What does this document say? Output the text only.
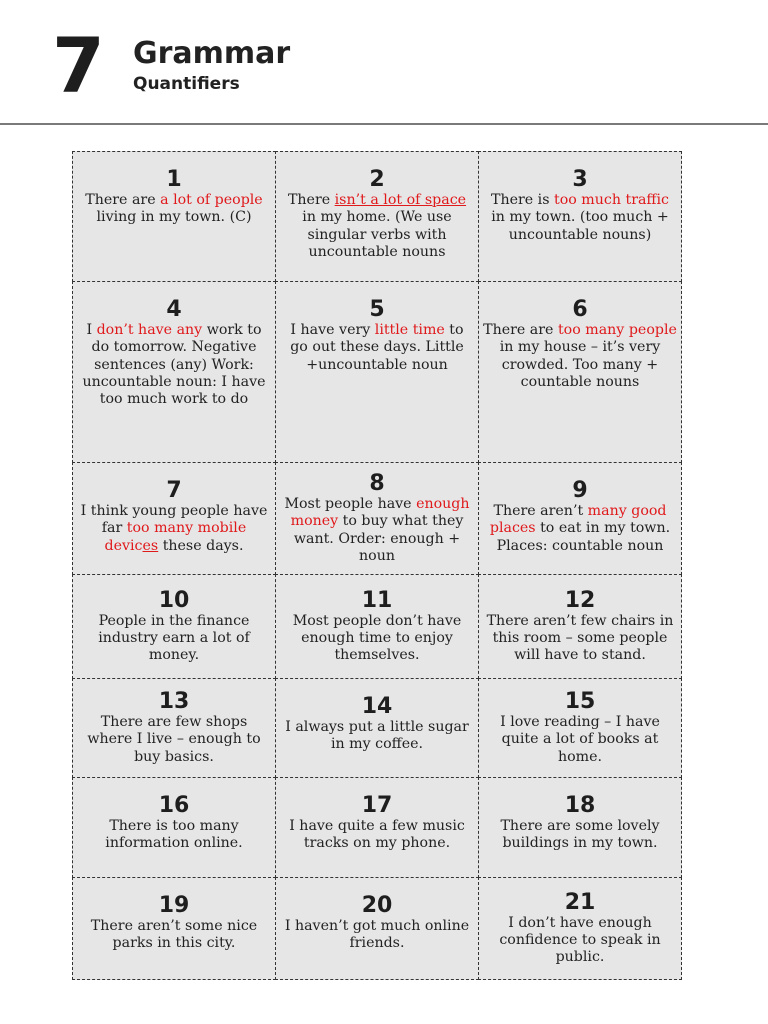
7 Grammar
Quantifiers
1
There are a lot of people living in my town. (C)
2
There isn’t a lot of space in my home. (We use singular verbs with uncountable nouns
3
There is too much traffic in my town. (too much + uncountable nouns)
4
I don’t have any work to do tomorrow. Negative sentences (any) Work: uncountable noun: I have too much work to do
5
I have very little time to go out these days. Little +uncountable noun
6
There are too many people in my house – it’s very crowded. Too many + countable nouns
7
I think young people have far too many mobile devices these days.
8
Most people have enough money to buy what they want. Order: enough + noun
9
There aren’t many good places to eat in my town. Places: countable noun
10
People in the finance industry earn a lot of money.
11
Most people don’t have enough time to enjoy themselves.
12
There aren’t few chairs in this room – some people will have to stand.
13
There are few shops where I live – enough to buy basics.
14
I always put a little sugar in my coffee.
15
I love reading – I have quite a lot of books at home.
16
There is too many information online.
17
I have quite a few music tracks on my phone.
18
There are some lovely buildings in my town.
19
There aren’t some nice parks in this city.
20
I haven’t got much online friends.
21
I don’t have enough confidence to speak in public.
